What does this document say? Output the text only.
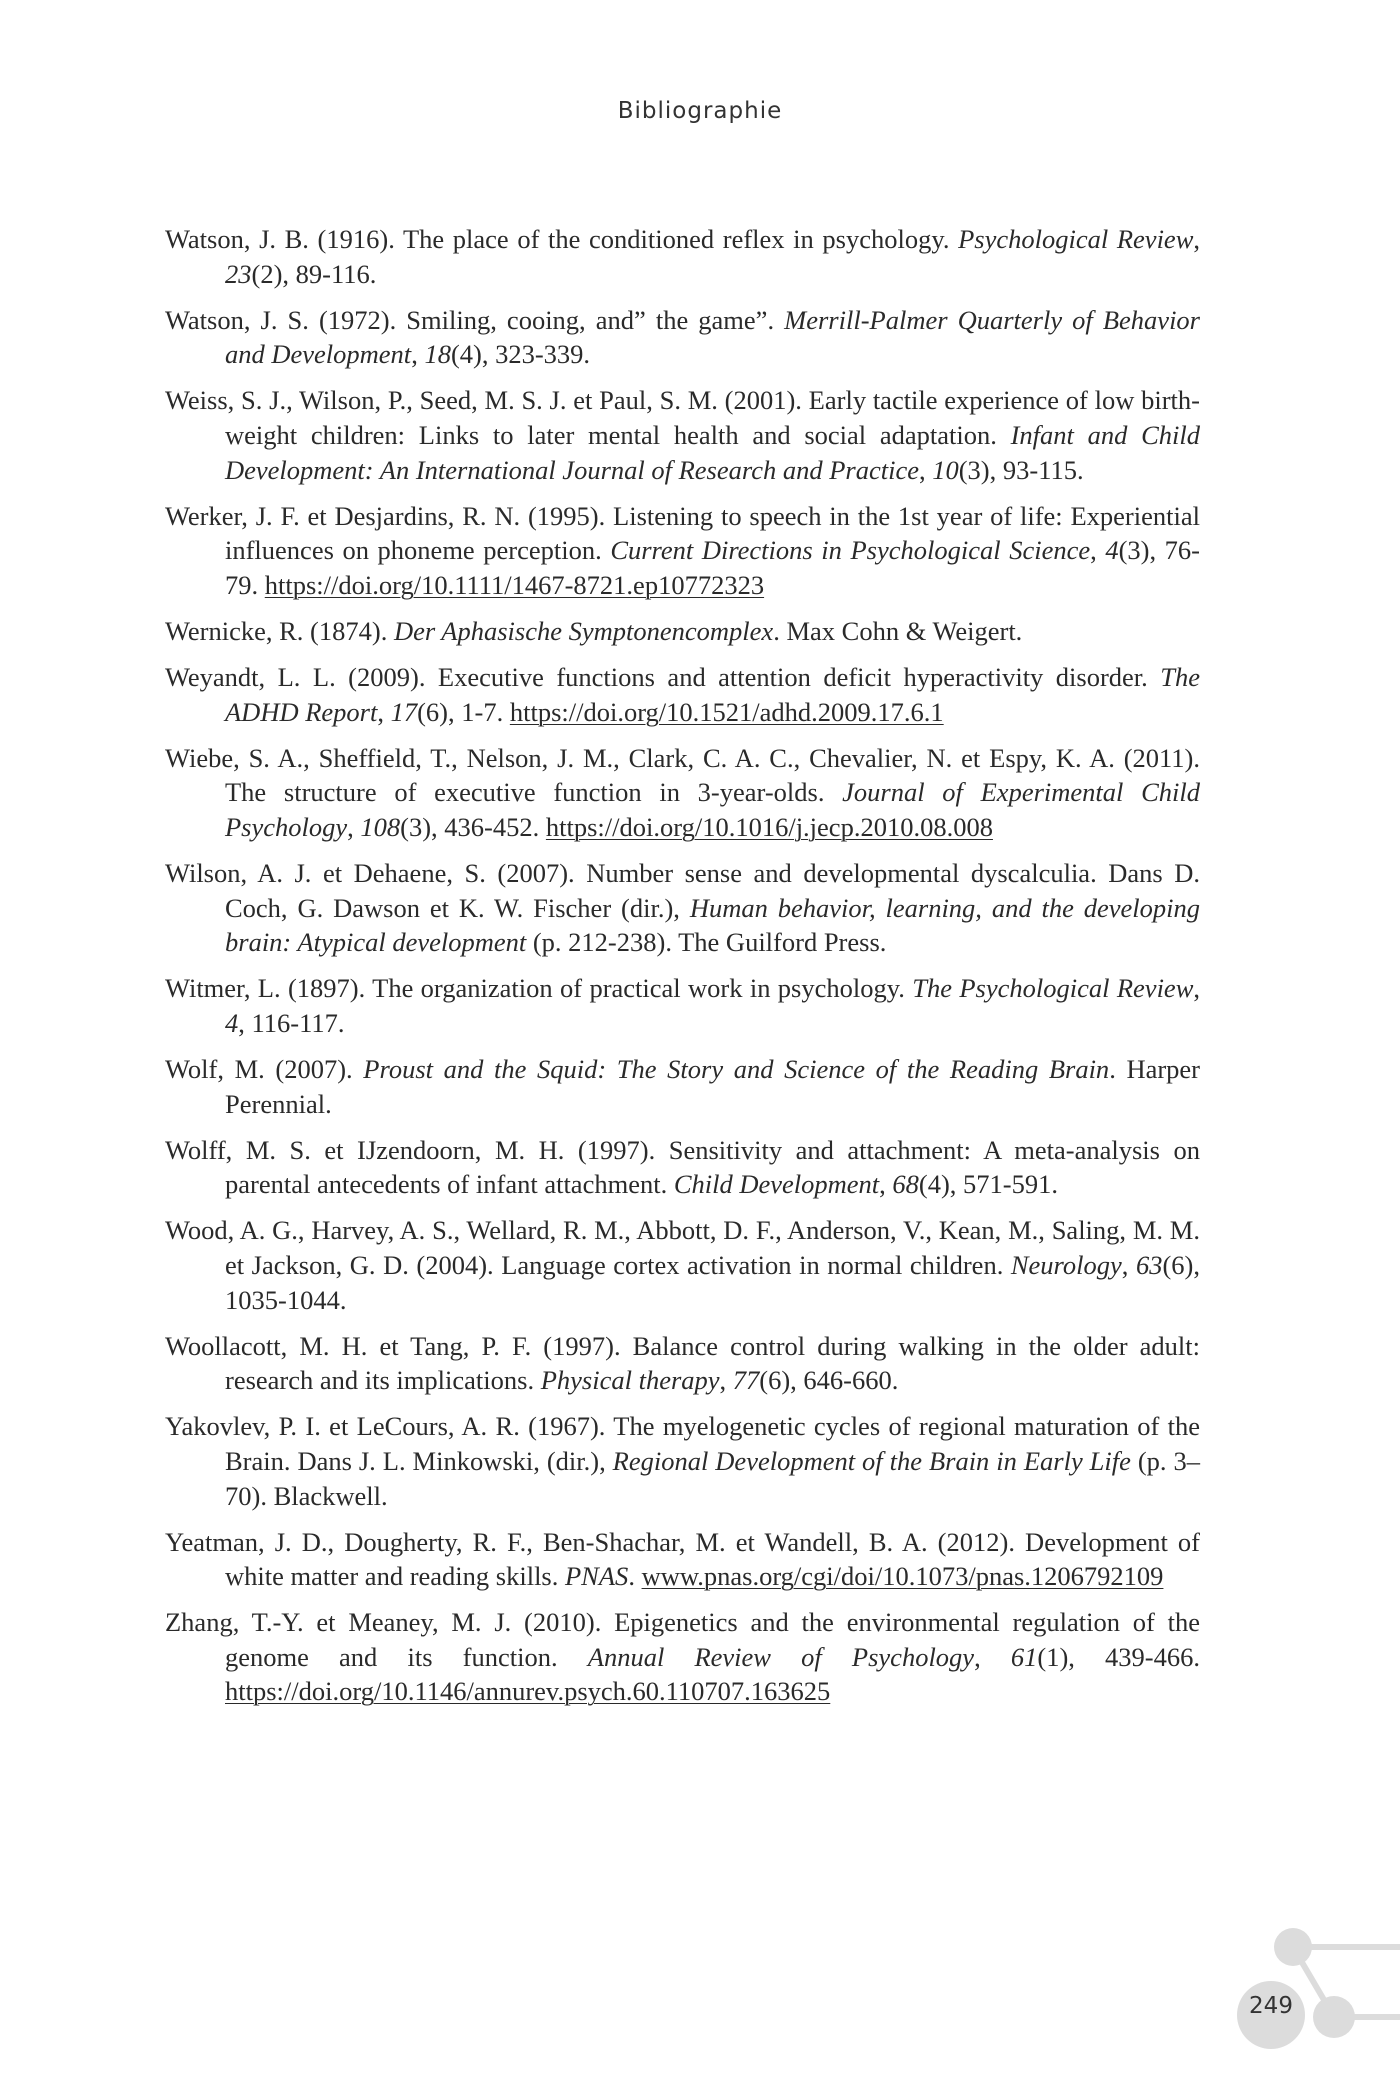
Bibliographie

Watson, J. B. (1916). The place of the conditioned reflex in psychology. Psychological Review, 23(2), 89-116.

Watson, J. S. (1972). Smiling, cooing, and” the game”. Merrill-Palmer Quarterly of Behavior and Development, 18(4), 323-339.

Weiss, S. J., Wilson, P., Seed, M. S. J. et Paul, S. M. (2001). Early tactile experience of low birth-weight children: Links to later mental health and social adaptation. Infant and Child Development: An International Journal of Research and Practice, 10(3), 93-115.

Werker, J. F. et Desjardins, R. N. (1995). Listening to speech in the 1st year of life: Experiential influences on phoneme perception. Current Directions in Psychological Science, 4(3), 76-79. https://doi.org/10.1111/1467-8721.ep10772323

Wernicke, R. (1874). Der Aphasische Symptonencomplex. Max Cohn & Weigert.

Weyandt, L. L. (2009). Executive functions and attention deficit hyperactivity disorder. The ADHD Report, 17(6), 1-7. https://doi.org/10.1521/adhd.2009.17.6.1

Wiebe, S. A., Sheffield, T., Nelson, J. M., Clark, C. A. C., Chevalier, N. et Espy, K. A. (2011). The structure of executive function in 3-year-olds. Journal of Experimental Child Psychology, 108(3), 436-452. https://doi.org/10.1016/j.jecp.2010.08.008

Wilson, A. J. et Dehaene, S. (2007). Number sense and developmental dyscalculia. Dans D. Coch, G. Dawson et K. W. Fischer (dir.), Human behavior, learning, and the developing brain: Atypical development (p. 212-238). The Guilford Press.

Witmer, L. (1897). The organization of practical work in psychology. The Psychological Review, 4, 116-117.

Wolf, M. (2007). Proust and the Squid: The Story and Science of the Reading Brain. Harper Perennial.

Wolff, M. S. et IJzendoorn, M. H. (1997). Sensitivity and attachment: A meta-analysis on parental antecedents of infant attachment. Child Development, 68(4), 571-591.

Wood, A. G., Harvey, A. S., Wellard, R. M., Abbott, D. F., Anderson, V., Kean, M., Saling, M. M. et Jackson, G. D. (2004). Language cortex activation in normal children. Neurology, 63(6), 1035-1044.

Woollacott, M. H. et Tang, P. F. (1997). Balance control during walking in the older adult: research and its implications. Physical therapy, 77(6), 646-660.

Yakovlev, P. I. et LeCours, A. R. (1967). The myelogenetic cycles of regional maturation of the Brain. Dans J. L. Minkowski, (dir.), Regional Development of the Brain in Early Life (p. 3–70). Blackwell.

Yeatman, J. D., Dougherty, R. F., Ben-Shachar, M. et Wandell, B. A. (2012). Development of white matter and reading skills. PNAS. www.pnas.org/cgi/doi/10.1073/pnas.1206792109

Zhang, T.-Y. et Meaney, M. J. (2010). Epigenetics and the environmental regulation of the genome and its function. Annual Review of Psychology, 61(1), 439-466. https://doi.org/10.1146/annurev.psych.60.110707.163625

249
